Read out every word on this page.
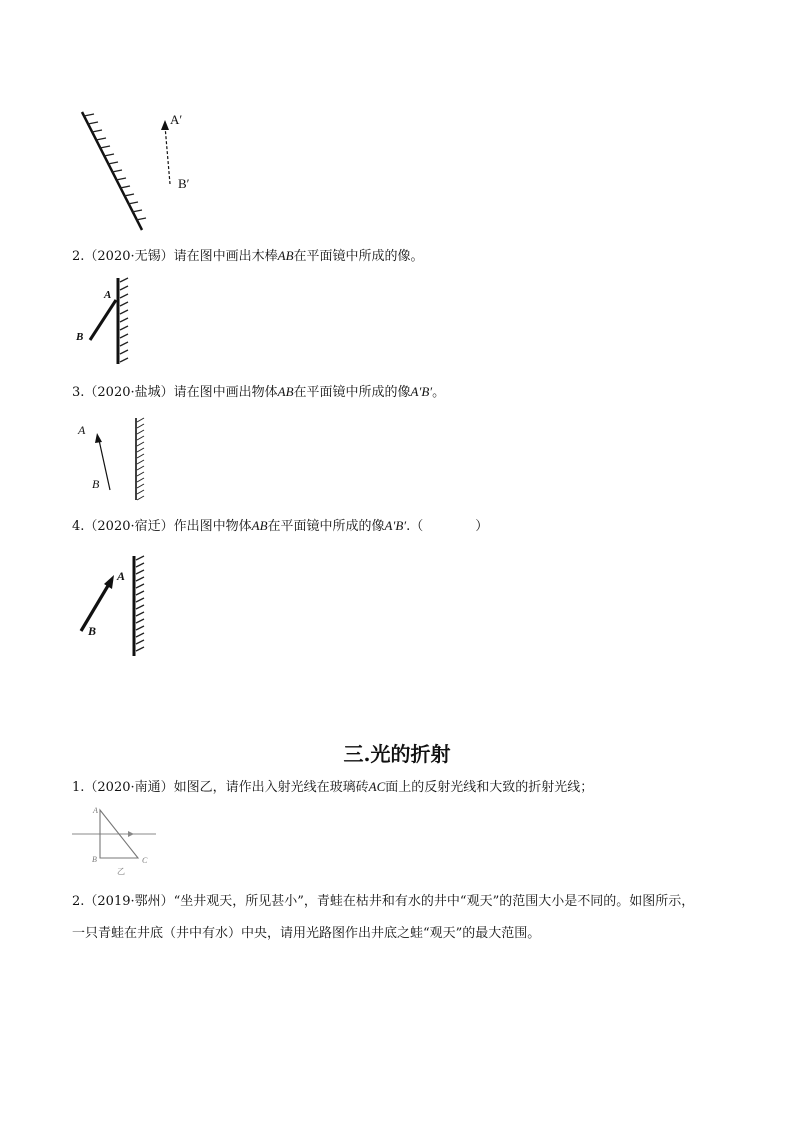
A′
B′
2.（2020·无锡）请在图中画出木棒AB在平面镜中所成的像。
A
B
3.（2020·盐城）请在图中画出物体AB在平面镜中所成的像A′B′。
A
B
4.（2020·宿迁）作出图中物体AB在平面镜中所成的像A′B′.（　　　　）
A
B
三.光的折射
1.（2020·南通）如图乙，请作出入射光线在玻璃砖AC面上的反射光线和大致的折射光线；
A
B	C
乙
2.（2019·鄂州）“坐井观天，所见甚小”，青蛙在枯井和有水的井中“观天”的范围大小是不同的。如图所示，
一只青蛙在井底（井中有水）中央，请用光路图作出井底之蛙“观天”的最大范围。
